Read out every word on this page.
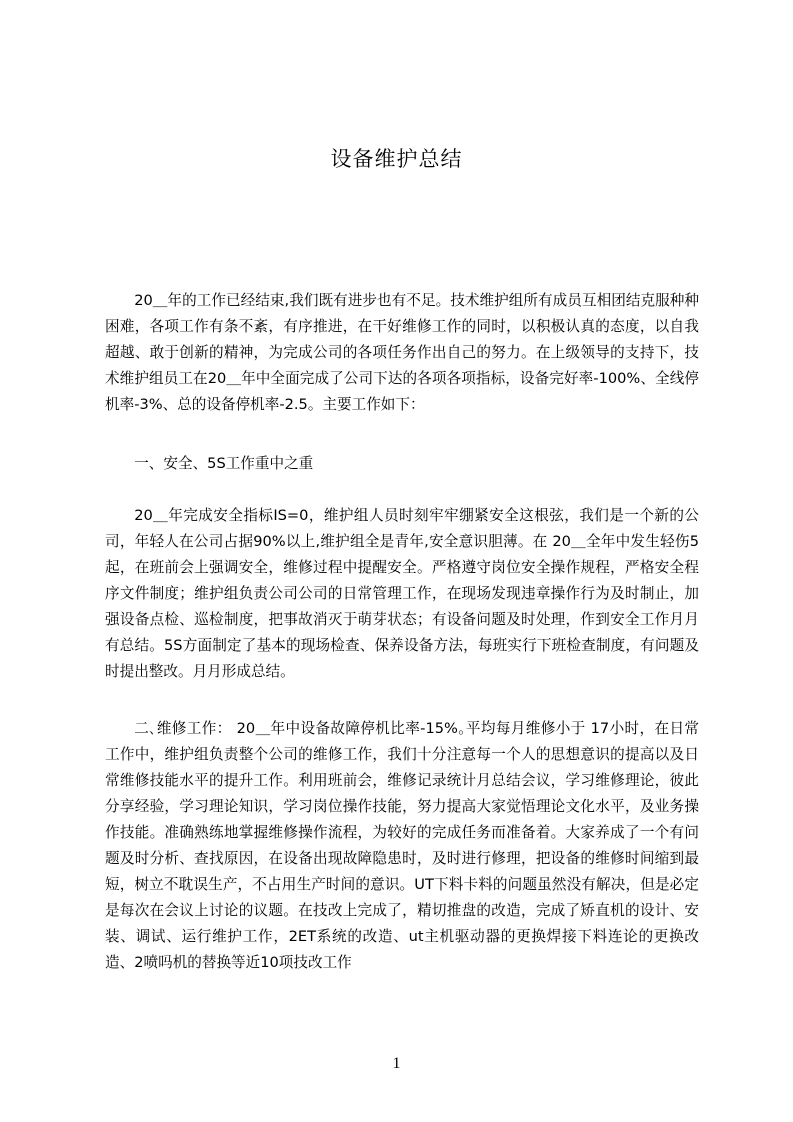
设备维护总结

20＿年的工作已经结束,我们既有进步也有不足。技术维护组所有成员互相团结克服种种困难，各项工作有条不紊，有序推进，在干好维修工作的同时，以积极认真的态度，以自我超越、敢于创新的精神，为完成公司的各项任务作出自己的努力。在上级领导的支持下，技术维护组员工在20＿年中全面完成了公司下达的各项各项指标，设备完好率-100%、全线停机率-3%、总的设备停机率-2.5。主要工作如下：

一、安全、5S工作重中之重

20＿年完成安全指标IS=0，维护组人员时刻牢牢绷紧安全这根弦，我们是一个新的公司，年轻人在公司占据90%以上,维护组全是青年,安全意识胆薄。在 20＿全年中发生轻伤5起，在班前会上强调安全，维修过程中提醒安全。严格遵守岗位安全操作规程，严格安全程序文件制度；维护组负责公司公司的日常管理工作，在现场发现违章操作行为及时制止，加强设备点检、巡检制度，把事故消灭于萌芽状态；有设备问题及时处理，作到安全工作月月有总结。5S方面制定了基本的现场检查、保养设备方法，每班实行下班检查制度，有问题及时提出整改。月月形成总结。

二､维修工作： 20＿年中设备故障停机比率-15%｡平均每月维修小于 17小时，在日常工作中，维护组负责整个公司的维修工作，我们十分注意每一个人的思想意识的提高以及日常维修技能水平的提升工作。利用班前会，维修记录统计月总结会议，学习维修理论，彼此分享经验，学习理论知识，学习岗位操作技能，努力提高大家觉悟理论文化水平，及业务操作技能。准确熟练地掌握维修操作流程，为较好的完成任务而准备着。大家养成了一个有问题及时分析、查找原因，在设备出现故障隐患时，及时进行修理，把设备的维修时间缩到最短，树立不耽误生产，不占用生产时间的意识。UT下料卡料的问题虽然没有解决，但是必定是每次在会议上讨论的议题。在技改上完成了，精切推盘的改造，完成了矫直机的设计、安装、调试、运行维护工作，2ET系统的改造、ut主机驱动器的更换焊接下料连论的更换改造、2喷吗机的替换等近10项技改工作

1
